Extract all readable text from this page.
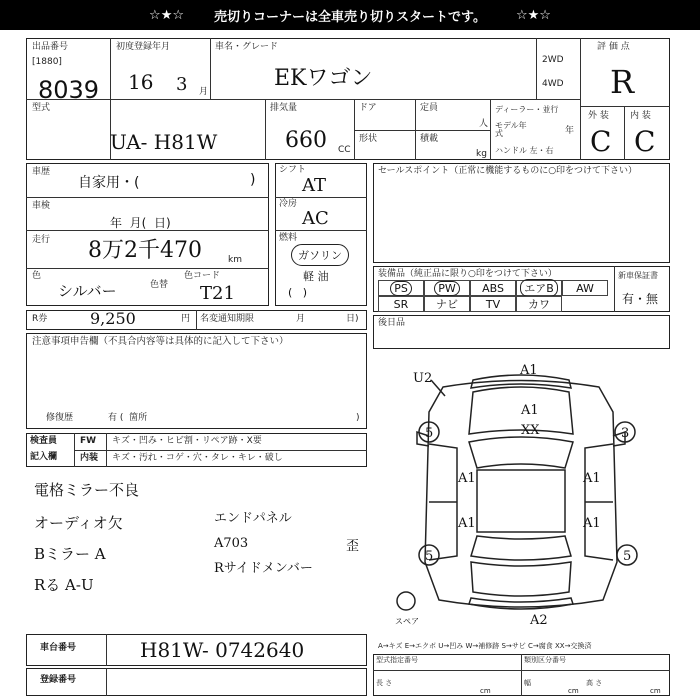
☆★☆ 売切りコーナーは全車売り切りスタートです。 ☆★☆
出品番号
[1880]
8039
初度登録年月
16 3 月
車名・グレード
EKワゴン
2WD
4WD
評 価 点
R
外 装 内 装
C C
型式
UA- H81W
排気量
660 CC
ドア	定員
人
形状	積載
kg
ディーラー・並行
モデル年式	年
ハンドル 左・右
車歴
自家用・(	)
車検
年  月(  日)
走行 8万2千470	km
色
シルバー	色替
色コード
T21
シフト
AT
冷房
AC
燃料
ガソリン
軽 油
(   )
R券	9,250	円 名変通知期限	月	日)
注意事項申告欄（不具合内容等は具体的に記入して下さい）
修復歴	有 (  箇所	)
セールスポイント（正常に機能するものに○印をつけて下さい）
装備品（純正品に限り○印をつけて下さい）	新車保証書
有・無
PS	PW	ABS	エアB	AW
SR	ナビ	TV	カワ
後日品
検査員
記入欄
FW キズ・凹み・ヒビ割・リペア跡・X要
内装 キズ・汚れ・コゲ・穴・タレ・キレ・破し
電格ミラー不良
オーディオ欠
Bミラー A
Rる A-U
エンドパネル
A703
Rサイドメンバー
歪
U2
A1
A1
XX
A1	A1
A1	A1
A2
5	3
5	5
スペア
A→キズ E→エクボ U→凹み W→補修跡 S→サビ C→腐食 XX→交換済
車台番号	H81W- 0742640
登録番号
型式指定番号	類別区分番号
長 さ
cm
幅
cm
高 さ
cm
